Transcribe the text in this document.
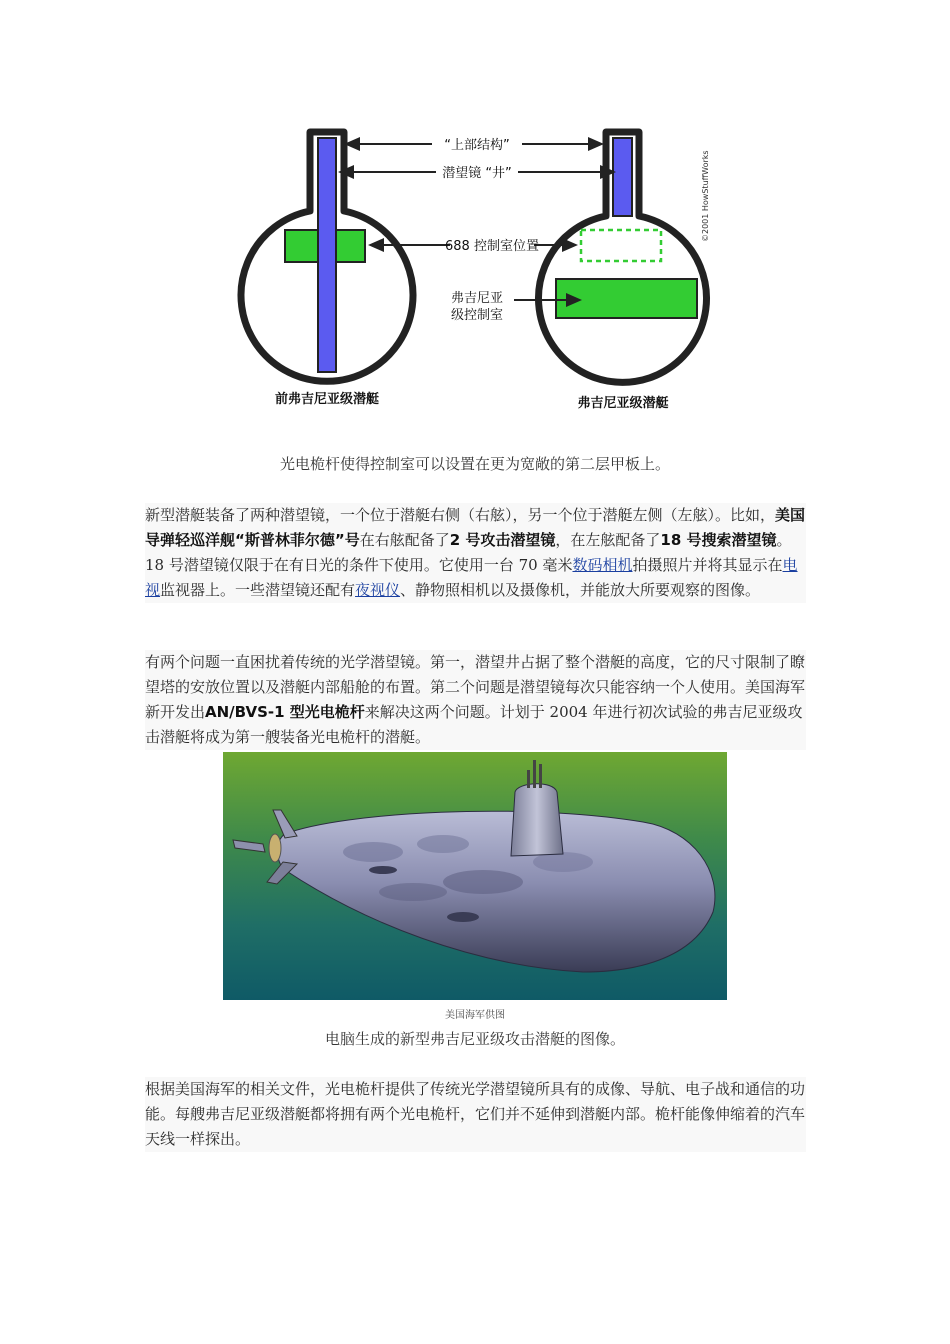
“上部结构”
潜望镜 “井”
688 控制室位置
弗吉尼亚
级控制室
前弗吉尼亚级潜艇	弗吉尼亚级潜艇
©2001 HowStuffWorks
光电桅杆使得控制室可以设置在更为宽敞的第二层甲板上。
新型潜艇装备了两种潜望镜，一个位于潜艇右侧（右舷），另一个位于潜艇左侧（左舷）。比如，美国导弹轻巡洋舰“斯普林菲尔德”号在右舷配备了2 号攻击潜望镜，在左舷配备了18 号搜索潜望镜。18 号潜望镜仅限于在有日光的条件下使用。它使用一台 70 毫米数码相机拍摄照片并将其显示在电视监视器上。一些潜望镜还配有夜视仪、静物照相机以及摄像机，并能放大所要观察的图像。
有两个问题一直困扰着传统的光学潜望镜。第一，潜望井占据了整个潜艇的高度，它的尺寸限制了瞭望塔的安放位置以及潜艇内部船舱的布置。第二个问题是潜望镜每次只能容纳一个人使用。美国海军新开发出AN/BVS-1 型光电桅杆来解决这两个问题。计划于 2004 年进行初次试验的弗吉尼亚级攻击潜艇将成为第一艘装备光电桅杆的潜艇。
美国海军供图
电脑生成的新型弗吉尼亚级攻击潜艇的图像。
根据美国海军的相关文件，光电桅杆提供了传统光学潜望镜所具有的成像、导航、电子战和通信的功能。每艘弗吉尼亚级潜艇都将拥有两个光电桅杆，它们并不延伸到潜艇内部。桅杆能像伸缩着的汽车天线一样探出。
